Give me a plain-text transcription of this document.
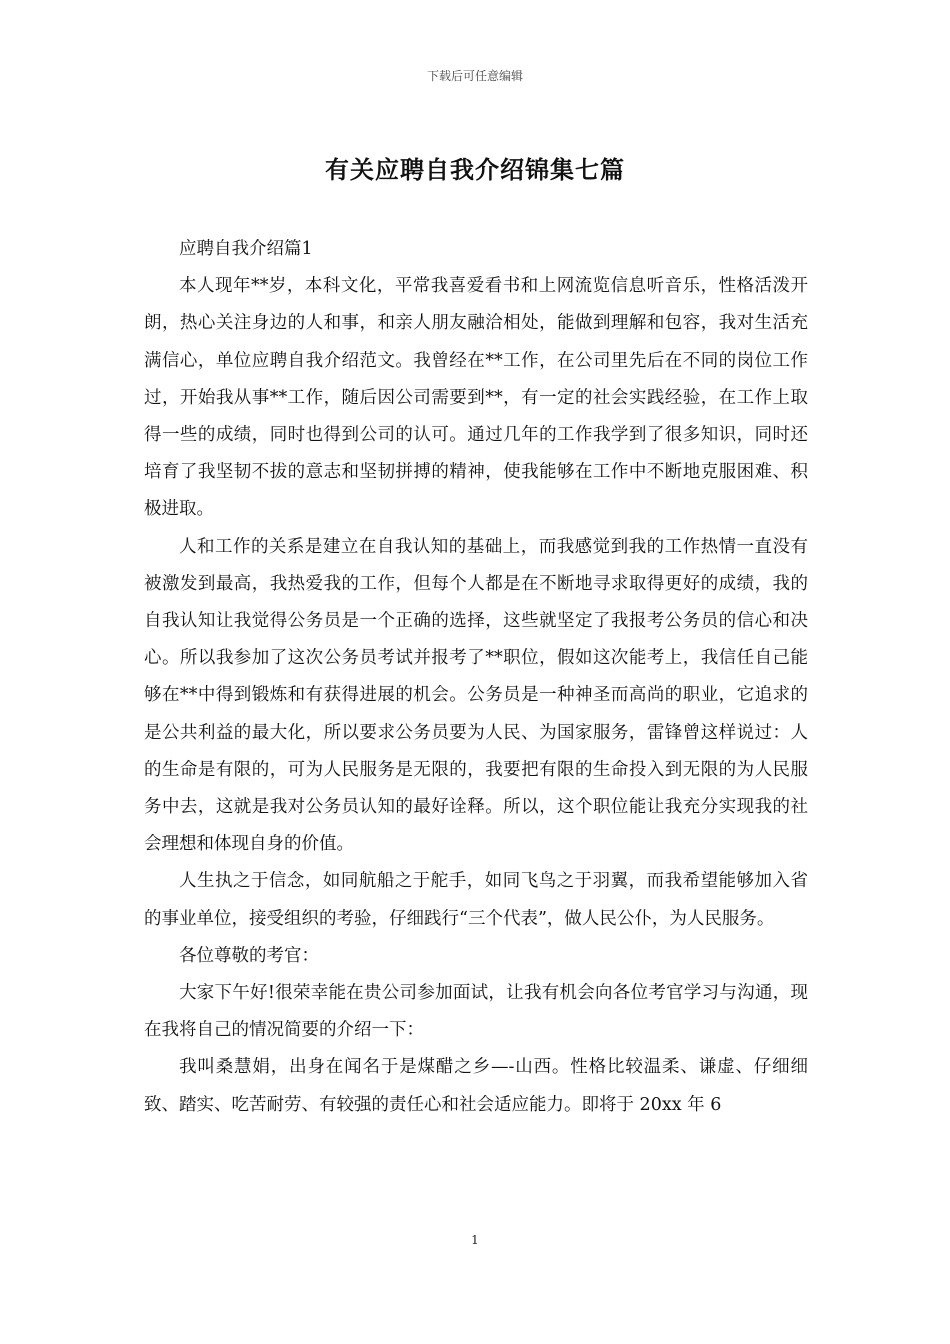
下载后可任意编辑
有关应聘自我介绍锦集七篇

应聘自我介绍篇1

本人现年**岁，本科文化，平常我喜爱看书和上网流览信息听音乐，性格活泼开朗，热心关注身边的人和事，和亲人朋友融洽相处，能做到理解和包容，我对生活充满信心，单位应聘自我介绍范文。我曾经在**工作，在公司里先后在不同的岗位工作过，开始我从事**工作，随后因公司需要到**，有一定的社会实践经验，在工作上取得一些的成绩，同时也得到公司的认可。通过几年的工作我学到了很多知识，同时还培育了我坚韧不拔的意志和坚韧拼搏的精神，使我能够在工作中不断地克服困难、积极进取。

人和工作的关系是建立在自我认知的基础上，而我感觉到我的工作热情一直没有被激发到最高，我热爱我的工作，但每个人都是在不断地寻求取得更好的成绩，我的自我认知让我觉得公务员是一个正确的选择，这些就坚定了我报考公务员的信心和决心。所以我参加了这次公务员考试并报考了**职位，假如这次能考上，我信任自己能够在**中得到锻炼和有获得进展的机会。公务员是一种神圣而高尚的职业，它追求的是公共利益的最大化，所以要求公务员要为人民、为国家服务，雷锋曾这样说过：人的生命是有限的，可为人民服务是无限的，我要把有限的生命投入到无限的为人民服务中去，这就是我对公务员认知的最好诠释。所以，这个职位能让我充分实现我的社会理想和体现自身的价值。

人生执之于信念，如同航船之于舵手，如同飞鸟之于羽翼，而我希望能够加入省的事业单位，接受组织的考验，仔细践行“三个代表”，做人民公仆，为人民服务。

各位尊敬的考官：

大家下午好!很荣幸能在贵公司参加面试，让我有机会向各位考官学习与沟通，现在我将自己的情况简要的介绍一下：

我叫桑慧娟，出身在闻名于是煤醋之乡—-山西。性格比较温柔、谦虚、仔细细致、踏实、吃苦耐劳、有较强的责任心和社会适应能力。即将于 20xx 年 6

1
